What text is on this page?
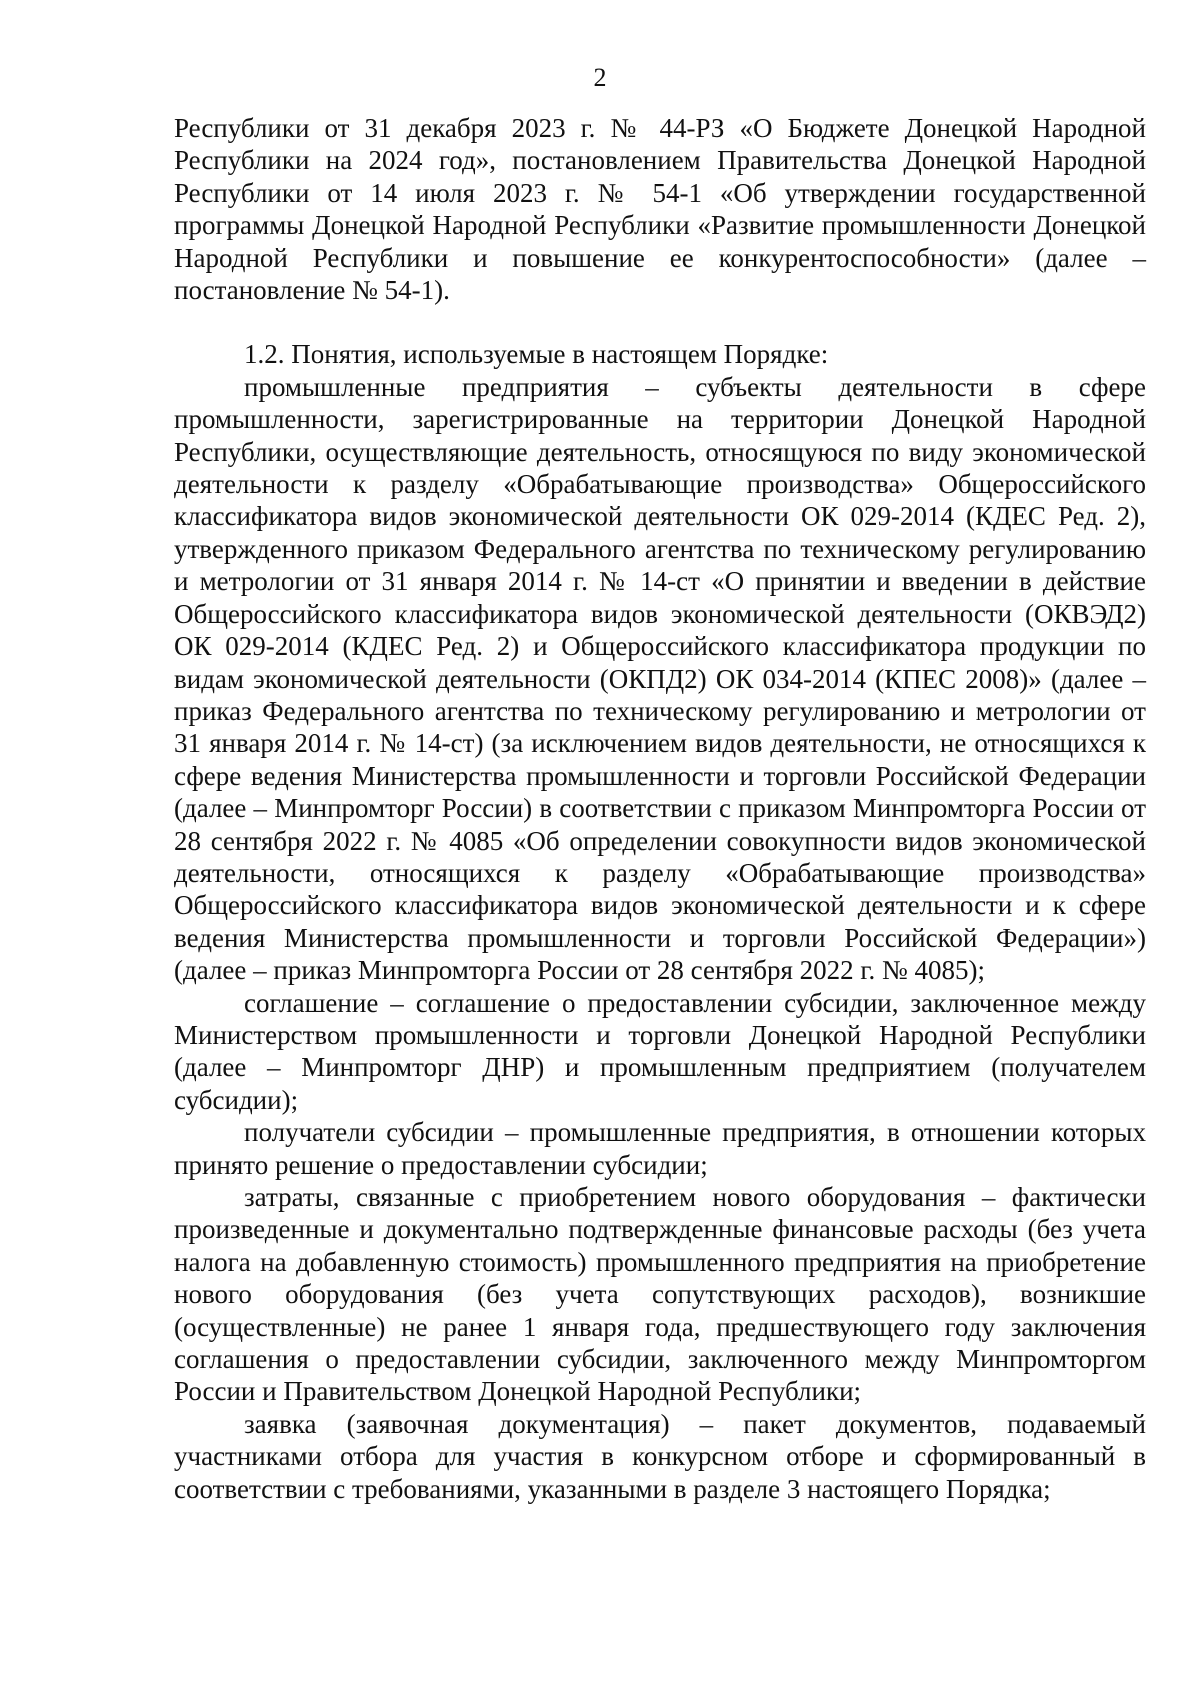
2

Республики от 31 декабря 2023 г. № 44-РЗ «О Бюджете Донецкой Народной Республики на 2024 год», постановлением Правительства Донецкой Народной Республики от 14 июля 2023 г. № 54-1 «Об утверждении государственной программы Донецкой Народной Республики «Развитие промышленности Донецкой Народной Республики и повышение ее конкурентоспособности» (далее – постановление № 54-1).

1.2. Понятия, используемые в настоящем Порядке:

промышленные предприятия – субъекты деятельности в сфере промышленности, зарегистрированные на территории Донецкой Народной Республики, осуществляющие деятельность, относящуюся по виду экономической деятельности к разделу «Обрабатывающие производства» Общероссийского классификатора видов экономической деятельности ОК 029-2014 (КДЕС Ред. 2), утвержденного приказом Федерального агентства по техническому регулированию и метрологии от 31 января 2014 г. № 14-ст «О принятии и введении в действие Общероссийского классификатора видов экономической деятельности (ОКВЭД2) ОК 029-2014 (КДЕС Ред. 2) и Общероссийского классификатора продукции по видам экономической деятельности (ОКПД2) ОК 034-2014 (КПЕС 2008)» (далее – приказ Федерального агентства по техническому регулированию и метрологии от 31 января 2014 г. № 14-ст) (за исключением видов деятельности, не относящихся к сфере ведения Министерства промышленности и торговли Российской Федерации (далее – Минпромторг России) в соответствии с приказом Минпромторга России от 28 сентября 2022 г. № 4085 «Об определении совокупности видов экономической деятельности, относящихся к разделу «Обрабатывающие производства» Общероссийского классификатора видов экономической деятельности и к сфере ведения Министерства промышленности и торговли Российской Федерации») (далее – приказ Минпромторга России от 28 сентября 2022 г. № 4085);

соглашение – соглашение о предоставлении субсидии, заключенное между Министерством промышленности и торговли Донецкой Народной Республики (далее – Минпромторг ДНР) и промышленным предприятием (получателем субсидии);

получатели субсидии – промышленные предприятия, в отношении которых принято решение о предоставлении субсидии;

затраты, связанные с приобретением нового оборудования – фактически произведенные и документально подтвержденные финансовые расходы (без учета налога на добавленную стоимость) промышленного предприятия на приобретение нового оборудования (без учета сопутствующих расходов), возникшие (осуществленные) не ранее 1 января года, предшествующего году заключения соглашения о предоставлении субсидии, заключенного между Минпромторгом России и Правительством Донецкой Народной Республики;

заявка (заявочная документация) – пакет документов, подаваемый участниками отбора для участия в конкурсном отборе и сформированный в соответствии с требованиями, указанными в разделе 3 настоящего Порядка;
